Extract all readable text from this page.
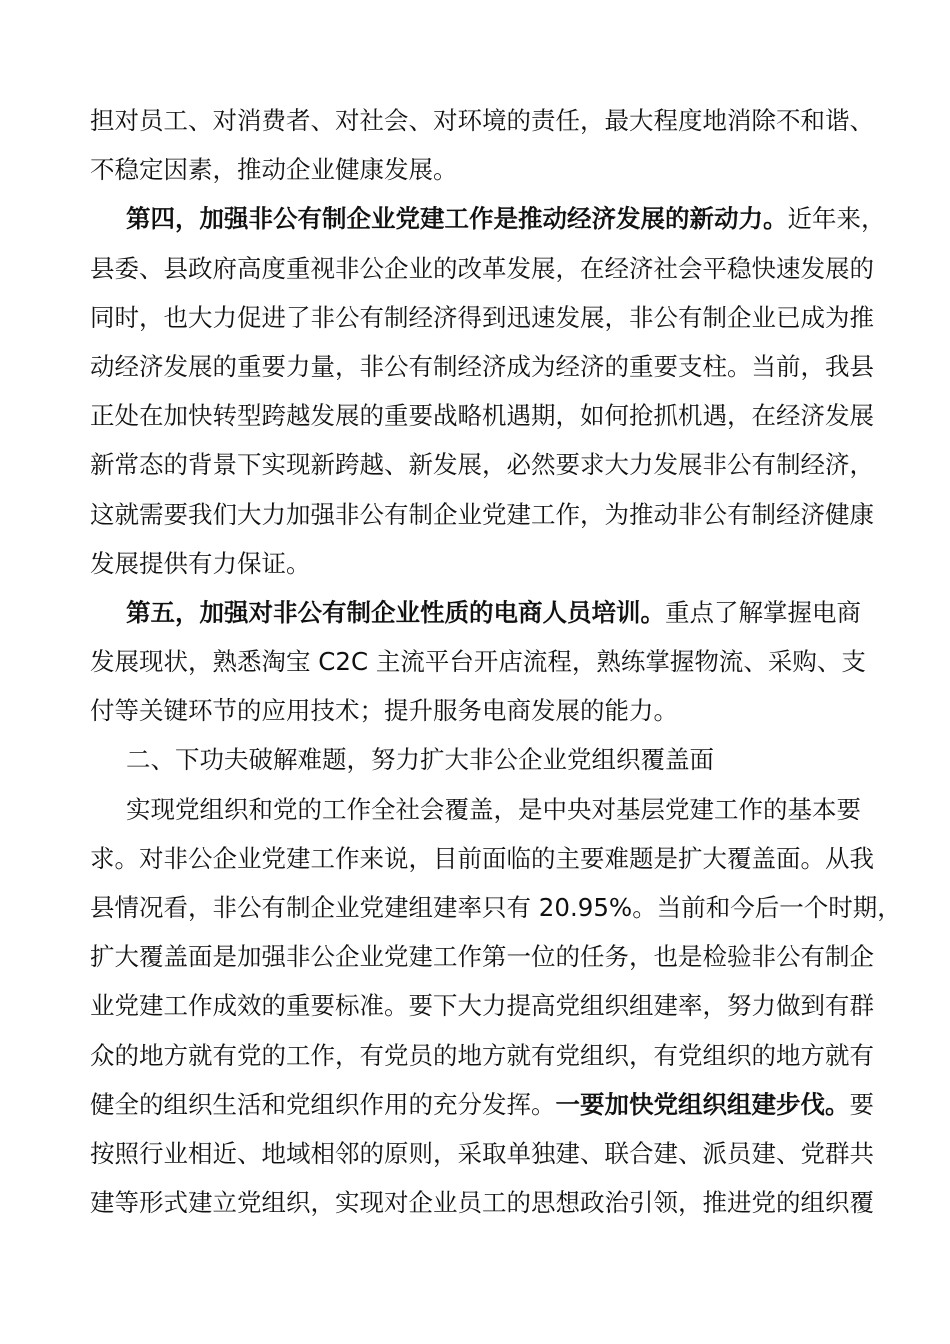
担对员工、对消费者、对社会、对环境的责任，最大程度地消除不和谐、
不稳定因素，推动企业健康发展。
第四，加强非公有制企业党建工作是推动经济发展的新动力。近年来，
县委、县政府高度重视非公企业的改革发展，在经济社会平稳快速发展的
同时，也大力促进了非公有制经济得到迅速发展，非公有制企业已成为推
动经济发展的重要力量，非公有制经济成为经济的重要支柱。当前，我县
正处在加快转型跨越发展的重要战略机遇期，如何抢抓机遇，在经济发展
新常态的背景下实现新跨越、新发展，必然要求大力发展非公有制经济，
这就需要我们大力加强非公有制企业党建工作，为推动非公有制经济健康
发展提供有力保证。
第五，加强对非公有制企业性质的电商人员培训。重点了解掌握电商
发展现状，熟悉淘宝 C2C 主流平台开店流程，熟练掌握物流、采购、支
付等关键环节的应用技术；提升服务电商发展的能力。
二、下功夫破解难题，努力扩大非公企业党组织覆盖面
实现党组织和党的工作全社会覆盖，是中央对基层党建工作的基本要
求。对非公企业党建工作来说，目前面临的主要难题是扩大覆盖面。从我
县情况看，非公有制企业党建组建率只有 20.95%。当前和今后一个时期，
扩大覆盖面是加强非公企业党建工作第一位的任务，也是检验非公有制企
业党建工作成效的重要标准。要下大力提高党组织组建率，努力做到有群
众的地方就有党的工作，有党员的地方就有党组织，有党组织的地方就有
健全的组织生活和党组织作用的充分发挥。一要加快党组织组建步伐。要
按照行业相近、地域相邻的原则，采取单独建、联合建、派员建、党群共
建等形式建立党组织，实现对企业员工的思想政治引领，推进党的组织覆
